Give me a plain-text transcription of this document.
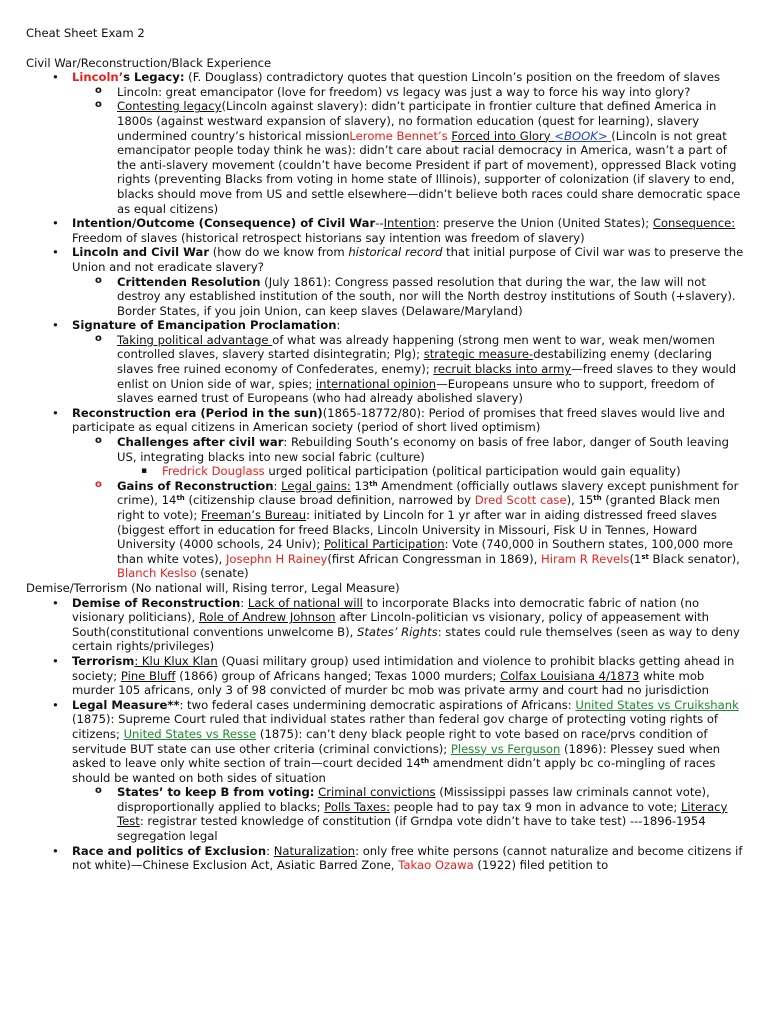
Cheat Sheet Exam 2

Civil War/Reconstruction/Black Experience

• Lincoln’s Legacy: (F. Douglass) contradictory quotes that question Lincoln’s position on the freedom of slaves
o Lincoln: great emancipator (love for freedom) vs legacy was just a way to force his way into glory?
o Contesting legacy(Lincoln against slavery): didn’t participate in frontier culture that defined America in 1800s (against westward expansion of slavery), no formation education (quest for learning), slavery undermined country’s historical missionLerome Bennet’s Forced into Glory <BOOK> (Lincoln is not great emancipator people today think he was): didn’t care about racial democracy in America, wasn’t a part of the anti-slavery movement (couldn’t have become President if part of movement), oppressed Black voting rights (preventing Blacks from voting in home state of Illinois), supporter of colonization (if slavery to end, blacks should move from US and settle elsewhere—didn’t believe both races could share democratic space as equal citizens)
• Intention/Outcome (Consequence) of Civil War--Intention: preserve the Union (United States); Consequence: Freedom of slaves (historical retrospect historians say intention was freedom of slavery)
• Lincoln and Civil War (how do we know from historical record that initial purpose of Civil war was to preserve the Union and not eradicate slavery?
o Crittenden Resolution (July 1861): Congress passed resolution that during the war, the law will not destroy any established institution of the south, nor will the North destroy institutions of South (+slavery). Border States, if you join Union, can keep slaves (Delaware/Maryland)
• Signature of Emancipation Proclamation:
o Taking political advantage of what was already happening (strong men went to war, weak men/women controlled slaves, slavery started disintegratin; Plg); strategic measure-destabilizing enemy (declaring slaves free ruined economy of Confederates, enemy); recruit blacks into army—freed slaves to they would enlist on Union side of war, spies; international opinion—Europeans unsure who to support, freedom of slaves earned trust of Europeans (who had already abolished slavery)
• Reconstruction era (Period in the sun)(1865-18772/80): Period of promises that freed slaves would live and participate as equal citizens in American society (period of short lived optimism)
o Challenges after civil war: Rebuilding South’s economy on basis of free labor, danger of South leaving US, integrating blacks into new social fabric (culture)
▪ Fredrick Douglass urged political participation (political participation would gain equality)
o Gains of Reconstruction: Legal gains: 13th Amendment (officially outlaws slavery except punishment for crime), 14th (citizenship clause broad definition, narrowed by Dred Scott case), 15th (granted Black men right to vote); Freeman’s Bureau: initiated by Lincoln for 1 yr after war in aiding distressed freed slaves (biggest effort in education for freed Blacks, Lincoln University in Missouri, Fisk U in Tennes, Howard University (4000 schools, 24 Univ); Political Participation: Vote (740,000 in Southern states, 100,000 more than white votes), Josephn H Rainey(first African Congressman in 1869), Hiram R Revels(1st Black senator), Blanch Keslso (senate)

Demise/Terrorism (No national will, Rising terror, Legal Measure)

• Demise of Reconstruction: Lack of national will to incorporate Blacks into democratic fabric of nation (no visionary politicians), Role of Andrew Johnson after Lincoln-politician vs visionary, policy of appeasement with South(constitutional conventions unwelcome B), States’ Rights: states could rule themselves (seen as way to deny certain rights/privileges)
• Terrorism: Klu Klux Klan (Quasi military group) used intimidation and violence to prohibit blacks getting ahead in society; Pine Bluff (1866) group of Africans hanged; Texas 1000 murders; Colfax Louisiana 4/1873 white mob murder 105 africans, only 3 of 98 convicted of murder bc mob was private army and court had no jurisdiction
• Legal Measure**: two federal cases undermining democratic aspirations of Africans: United States vs Cruikshank (1875): Supreme Court ruled that individual states rather than federal gov charge of protecting voting rights of citizens; United States vs Resse (1875): can’t deny black people right to vote based on race/prvs condition of servitude BUT state can use other criteria (criminal convictions); Plessy vs Ferguson (1896): Plessey sued when asked to leave only white section of train—court decided 14th amendment didn’t apply bc co-mingling of races should be wanted on both sides of situation
o States’ to keep B from voting: Criminal convictions (Mississippi passes law criminals cannot vote), disproportionally applied to blacks; Polls Taxes: people had to pay tax 9 mon in advance to vote; Literacy Test: registrar tested knowledge of constitution (if Grndpa vote didn’t have to take test) ---1896-1954 segregation legal
• Race and politics of Exclusion: Naturalization: only free white persons (cannot naturalize and become citizens if not white)—Chinese Exclusion Act, Asiatic Barred Zone, Takao Ozawa (1922) filed petition to
